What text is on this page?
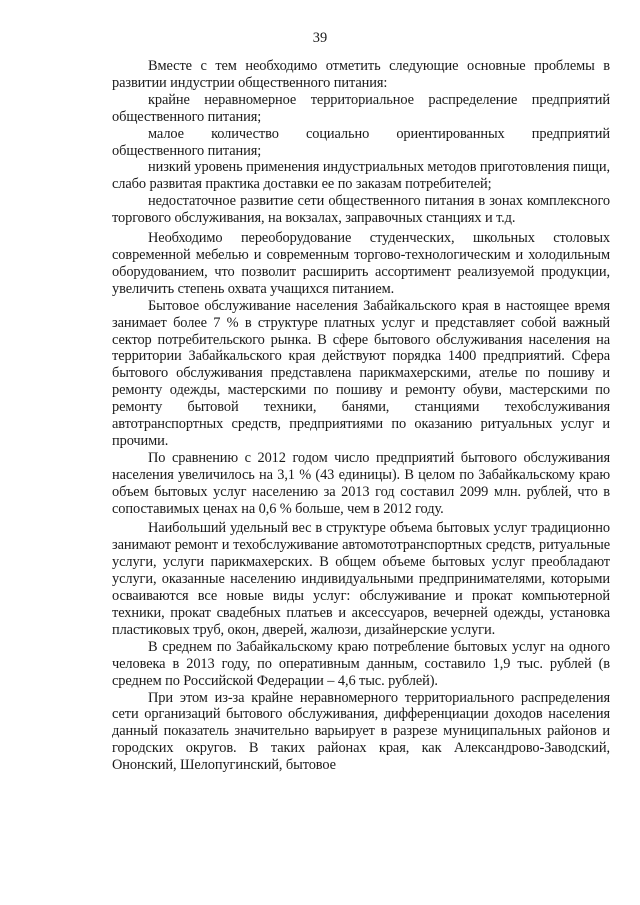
39

Вместе с тем необходимо отметить следующие основные проблемы в развитии индустрии общественного питания:

крайне неравномерное территориальное распределение предприятий общественного питания;

малое количество социально ориентированных предприятий общественного питания;

низкий уровень применения индустриальных методов приготовления пищи, слабо развитая практика доставки ее по заказам потребителей;

недостаточное развитие сети общественного питания в зонах комплексного торгового обслуживания, на вокзалах, заправочных станциях и т.д.

Необходимо переоборудование студенческих, школьных столовых современной мебелью и современным торгово-технологическим и холодильным оборудованием, что позволит расширить ассортимент реализуемой продукции, увеличить степень охвата учащихся питанием.

Бытовое обслуживание населения Забайкальского края в настоящее время занимает более 7 % в структуре платных услуг и представляет собой важный сектор потребительского рынка. В сфере бытового обслуживания населения на территории Забайкальского края действуют порядка 1400 предприятий. Сфера бытового обслуживания представлена парикмахерскими, ателье по пошиву и ремонту одежды, мастерскими по пошиву и ремонту обуви, мастерскими по ремонту бытовой техники, банями, станциями техобслуживания автотранспортных средств, предприятиями по оказанию ритуальных услуг и прочими.

По сравнению с 2012 годом число предприятий бытового обслуживания населения увеличилось на 3,1 % (43 единицы). В целом по Забайкальскому краю объем бытовых услуг населению за 2013 год составил 2099 млн. рублей, что в сопоставимых ценах на 0,6 % больше, чем в 2012 году.

Наибольший удельный вес в структуре объема бытовых услуг традиционно занимают ремонт и техобслуживание автомототранспортных средств, ритуальные услуги, услуги парикмахерских. В общем объеме бытовых услуг преобладают услуги, оказанные населению индивидуальными предпринимателями, которыми осваиваются все новые виды услуг: обслуживание и прокат компьютерной техники, прокат свадебных платьев и аксессуаров, вечерней одежды, установка пластиковых труб, окон, дверей, жалюзи, дизайнерские услуги.

В среднем по Забайкальскому краю потребление бытовых услуг на одного человека в 2013 году, по оперативным данным, составило 1,9 тыс. рублей (в среднем по Российской Федерации – 4,6 тыс. рублей).

При этом из-за крайне неравномерного территориального распределения сети организаций бытового обслуживания, дифференциации доходов населения данный показатель значительно варьирует в разрезе муниципальных районов и городских округов. В таких районах края, как Александрово-Заводский, Ононский, Шелопугинский, бытовое
